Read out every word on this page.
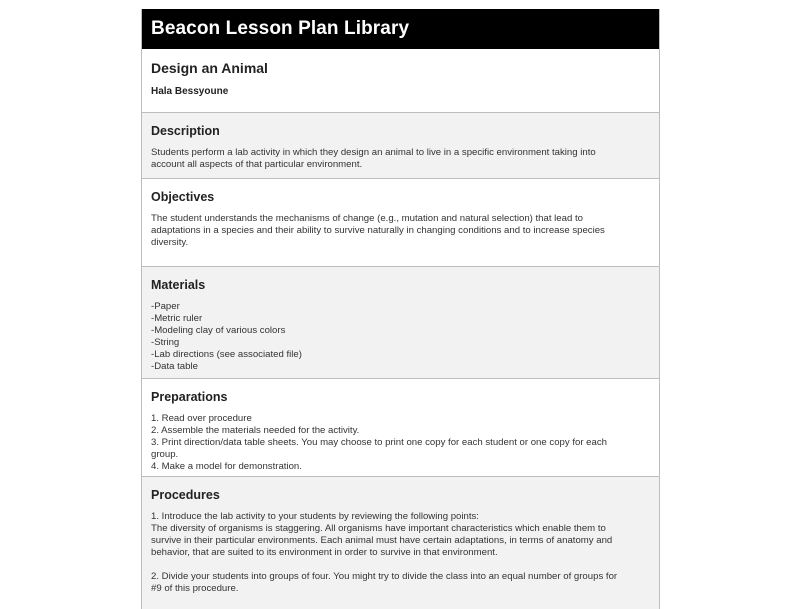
Beacon Lesson Plan Library
Design an Animal
Hala Bessyoune
Description
Students perform a lab activity in which they design an animal to live in a specific environment taking into
account all aspects of that particular environment.
Objectives
The student understands the mechanisms of change (e.g., mutation and natural selection) that lead to
adaptations in a species and their ability to survive naturally in changing conditions and to increase species
diversity.
Materials
-Paper
-Metric ruler
-Modeling clay of various colors
-String
-Lab directions (see associated file)
-Data table
Preparations
1. Read over procedure
2. Assemble the materials needed for the activity.
3. Print direction/data table sheets. You may choose to print one copy for each student or one copy for each
group.
4. Make a model for demonstration.
Procedures
1. Introduce the lab activity to your students by reviewing the following points:
The diversity of organisms is staggering. All organisms have important characteristics which enable them to
survive in their particular environments. Each animal must have certain adaptations, in terms of anatomy and
behavior, that are suited to its environment in order to survive in that environment.
2. Divide your students into groups of four. You might try to divide the class into an equal number of groups for
#9 of this procedure.
